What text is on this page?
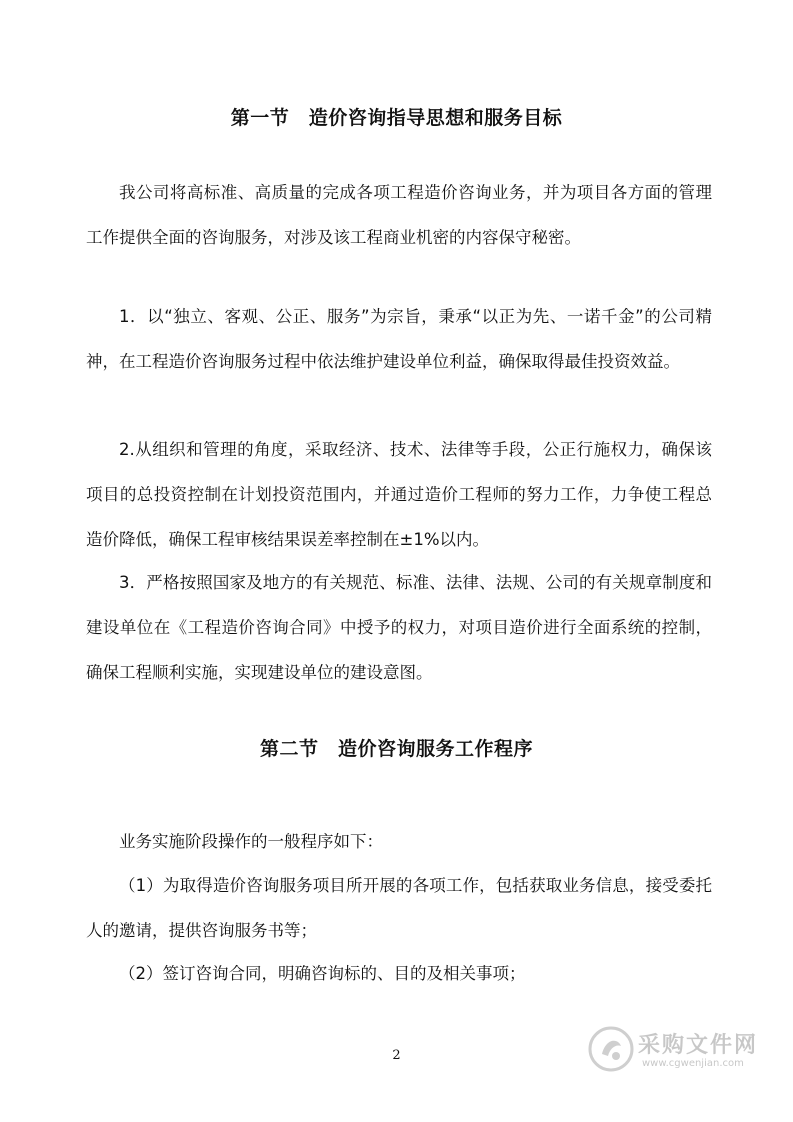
第一节　造价咨询指导思想和服务目标
我公司将高标准、高质量的完成各项工程造价咨询业务，并为项目各方面的管理工作提供全面的咨询服务，对涉及该工程商业机密的内容保守秘密。
1．以“独立、客观、公正、服务”为宗旨，秉承“以正为先、一诺千金”的公司精神，在工程造价咨询服务过程中依法维护建设单位利益，确保取得最佳投资效益。
2.从组织和管理的角度，采取经济、技术、法律等手段，公正行施权力，确保该项目的总投资控制在计划投资范围内，并通过造价工程师的努力工作，力争使工程总造价降低，确保工程审核结果误差率控制在±1%以内。
3．严格按照国家及地方的有关规范、标准、法律、法规、公司的有关规章制度和建设单位在《工程造价咨询合同》中授予的权力，对项目造价进行全面系统的控制，确保工程顺利实施，实现建设单位的建设意图。
第二节　造价咨询服务工作程序
业务实施阶段操作的一般程序如下：
（1）为取得造价咨询服务项目所开展的各项工作，包括获取业务信息，接受委托人的邀请，提供咨询服务书等；
（2）签订咨询合同，明确咨询标的、目的及相关事项；
2	采购文件网
www.cgwenjian.com
